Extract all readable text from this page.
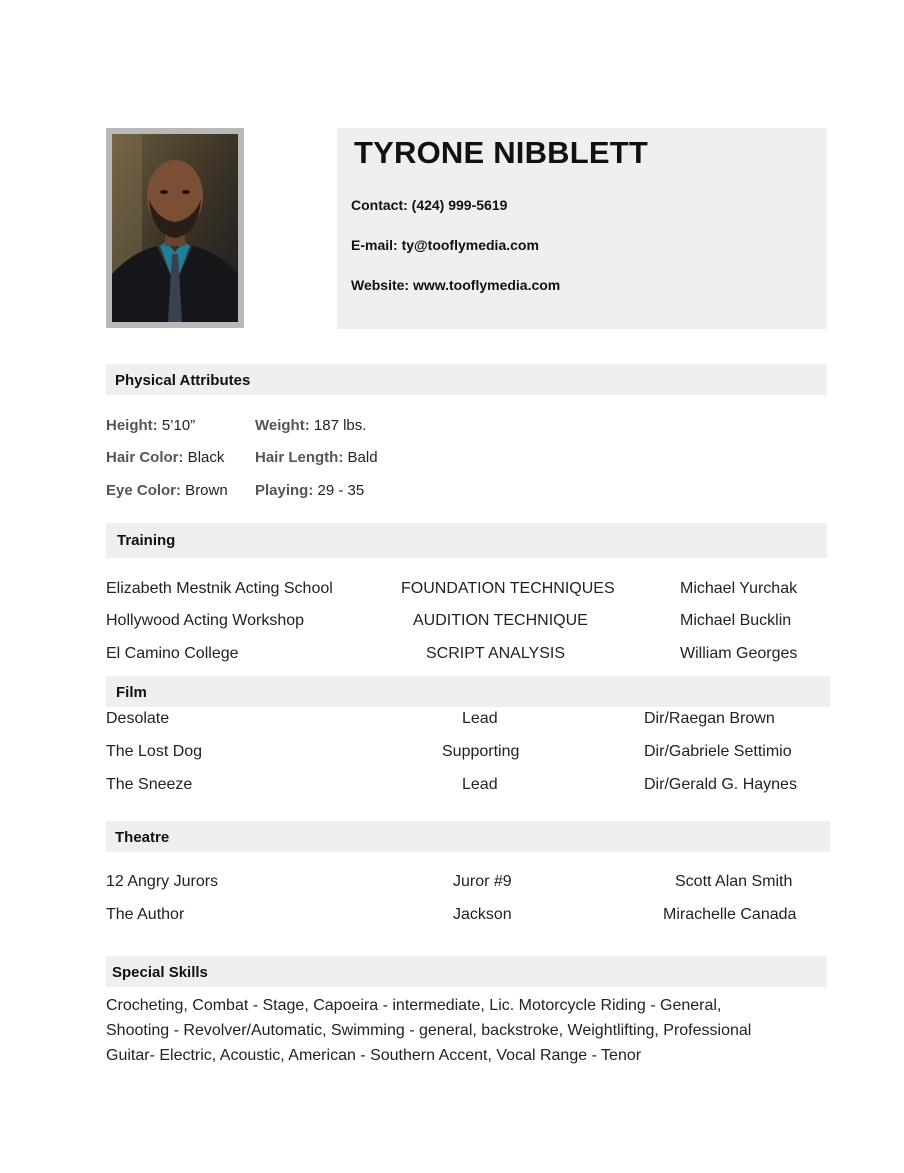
TYRONE NIBBLETT
Contact: (424) 999-5619
E-mail: ty@tooflymedia.com
Website: www.tooflymedia.com
Physical Attributes
Height: 5’10”	Weight: 187 lbs.
Hair Color: Black Hair Length: Bald
Eye Color: Brown Playing: 29 - 35
Training
Elizabeth Mestnik Acting School	FOUNDATION TECHNIQUES	Michael Yurchak
Hollywood Acting Workshop	AUDITION TECHNIQUE	Michael Bucklin
El Camino College	SCRIPT ANALYSIS	William Georges
Film
Desolate	Lead	Dir/Raegan Brown
The Lost Dog	Supporting	Dir/Gabriele Settimio
The Sneeze	Lead	Dir/Gerald G. Haynes
Theatre
12 Angry Jurors	Juror #9	Scott Alan Smith
The Author	Jackson	Mirachelle Canada
Special Skills
Crocheting, Combat - Stage, Capoeira - intermediate, Lic. Motorcycle Riding - General,
Shooting - Revolver/Automatic, Swimming - general, backstroke, Weightlifting, Professional
Guitar- Electric, Acoustic, American - Southern Accent, Vocal Range - Tenor
